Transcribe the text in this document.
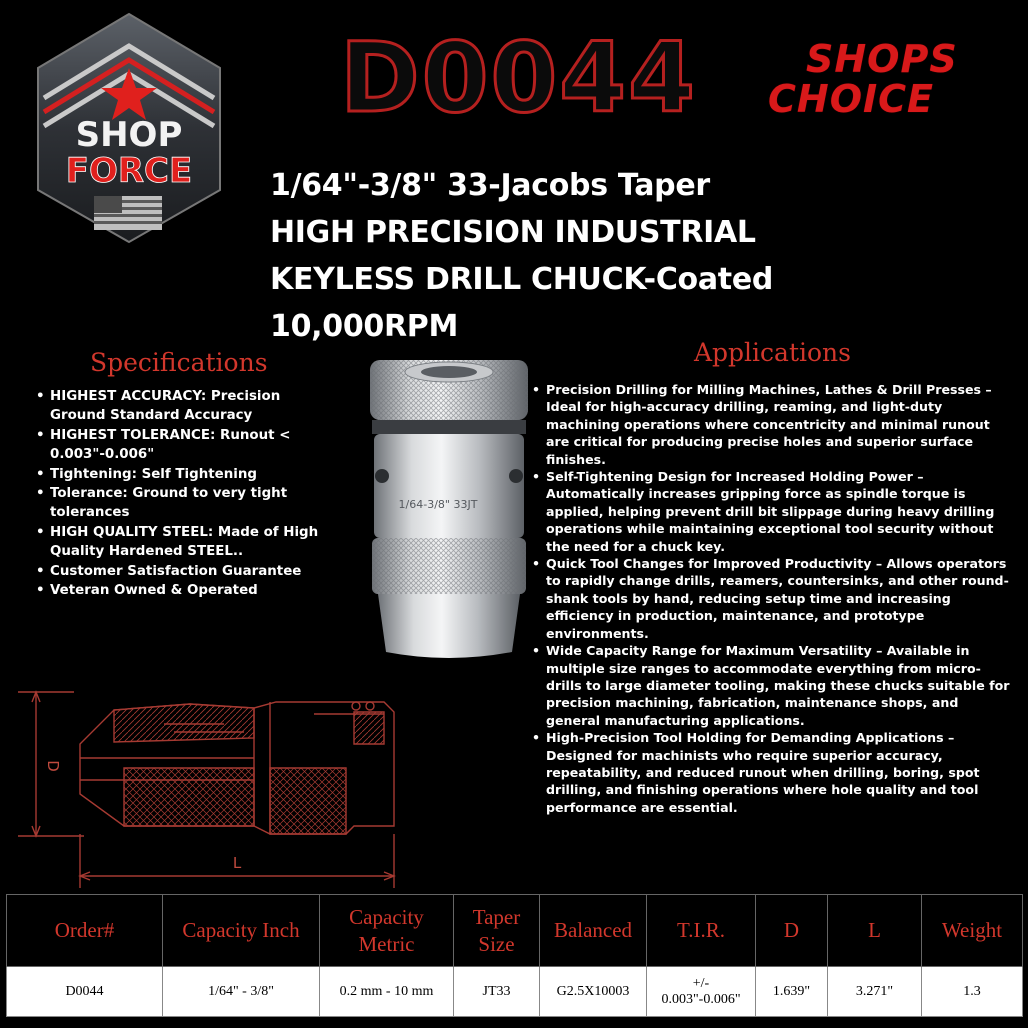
SHOP
FORCE
D0044	SHOPS
CHOICE
1/64"-3/8" 33-Jacobs Taper
HIGH PRECISION INDUSTRIAL
KEYLESS DRILL CHUCK-Coated
10,000RPM
Specifications
• HIGHEST ACCURACY: Precision Ground Standard Accuracy
• HIGHEST TOLERANCE: Runout < 0.003"-0.006"
• Tightening: Self Tightening
• Tolerance: Ground to very tight tolerances
• HIGH QUALITY STEEL: Made of High Quality Hardened STEEL..
• Customer Satisfaction Guarantee
• Veteran Owned & Operated
1/64-3/8" 33JT
Applications
• Precision Drilling for Milling Machines, Lathes & Drill Presses – Ideal for high-accuracy drilling, reaming, and light-duty machining operations where concentricity and minimal runout are critical for producing precise holes and superior surface finishes.
• Self-Tightening Design for Increased Holding Power – Automatically increases gripping force as spindle torque is applied, helping prevent drill bit slippage during heavy drilling operations while maintaining exceptional tool security without the need for a chuck key.
• Quick Tool Changes for Improved Productivity – Allows operators to rapidly change drills, reamers, countersinks, and other round-shank tools by hand, reducing setup time and increasing efficiency in production, maintenance, and prototype environments.
• Wide Capacity Range for Maximum Versatility – Available in multiple size ranges to accommodate everything from micro-drills to large diameter tooling, making these chucks suitable for precision machining, fabrication, maintenance shops, and general manufacturing applications.
• High-Precision Tool Holding for Demanding Applications – Designed for machinists who require superior accuracy, repeatability, and reduced runout when drilling, boring, spot drilling, and finishing operations where hole quality and tool performance are essential.
D
L
Order#	Capacity Inch	Capacity
Metric	Taper
Size	Balanced	T.I.R.	D	L	Weight
D0044	1/64" - 3/8"	0.2 mm - 10 mm	JT33	G2.5X10003	+/-
0.003"-0.006"	1.639"	3.271"	1.3
